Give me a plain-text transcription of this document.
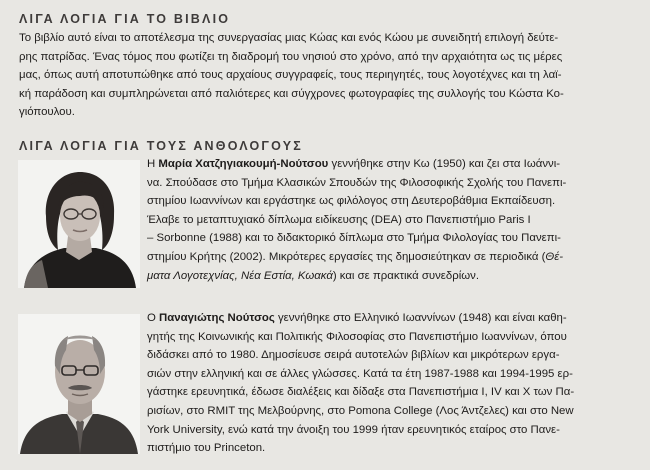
ΛΙΓΑ ΛΟΓΙΑ ΓΙΑ ΤΟ ΒΙΒΛΙΟ

Το βιβλίο αυτό είναι το αποτέλεσμα της συνεργασίας μιας Κώας και ενός Κώου με συνειδητή επιλογή δεύτε-
ρης πατρίδας. Ένας τόμος που φωτίζει τη διαδρομή του νησιού στο χρόνο, από την αρχαιότητα ως τις μέρες
μας, όπως αυτή αποτυπώθηκε από τους αρχαίους συγγραφείς, τους περιηγητές, τους λογοτέχνες και τη λαϊ-
κή παράδοση και συμπληρώνεται από παλιότερες και σύγχρονες φωτογραφίες της συλλογής του Κώστα Κο-
γιόπουλου.

ΛΙΓΑ ΛΟΓΙΑ ΓΙΑ ΤΟΥΣ ΑΝΘΟΛΟΓΟΥΣ

Η Μαρία Χατζηγιακουμή-Νούτσου γεννήθηκε στην Κω (1950) και ζει στα Ιωάννι-
να. Σπούδασε στο Τμήμα Κλασικών Σπουδών της Φιλοσοφικής Σχολής του Πανεπι-
στημίου Ιωαννίνων και εργάστηκε ως φιλόλογος στη Δευτεροβάθμια Εκπαίδευση.
Έλαβε το μεταπτυχιακό δίπλωμα ειδίκευσης (DEA) στο Πανεπιστήμιο Paris I
– Sorbonne (1988) και το διδακτορικό δίπλωμα στο Τμήμα Φιλολογίας του Πανεπι-
στημίου Κρήτης (2002). Μικρότερες εργασίες της δημοσιεύτηκαν σε περιοδικά (Θέ-
ματα Λογοτεχνίας, Νέα Εστία, Κωακά) και σε πρακτικά συνεδρίων.

Ο Παναγιώτης Νούτσος γεννήθηκε στο Ελληνικό Ιωαννίνων (1948) και είναι καθη-
γητής της Κοινωνικής και Πολιτικής Φιλοσοφίας στο Πανεπιστήμιο Ιωαννίνων, όπου
διδάσκει από το 1980. Δημοσίευσε σειρά αυτοτελών βιβλίων και μικρότερων εργα-
σιών στην ελληνική και σε άλλες γλώσσες. Κατά τα έτη 1987-1988 και 1994-1995 ερ-
γάστηκε ερευνητικά, έδωσε διαλέξεις και δίδαξε στα Πανεπιστήμια I, IV και X των Πα-
ρισίων, στο RMIT της Μελβούρνης, στο Pomona College (Λος Άντζελες) και στο New
York University, ενώ κατά την άνοιξη του 1999 ήταν ερευνητικός εταίρος στο Πανε-
πιστήμιο του Princeton.
